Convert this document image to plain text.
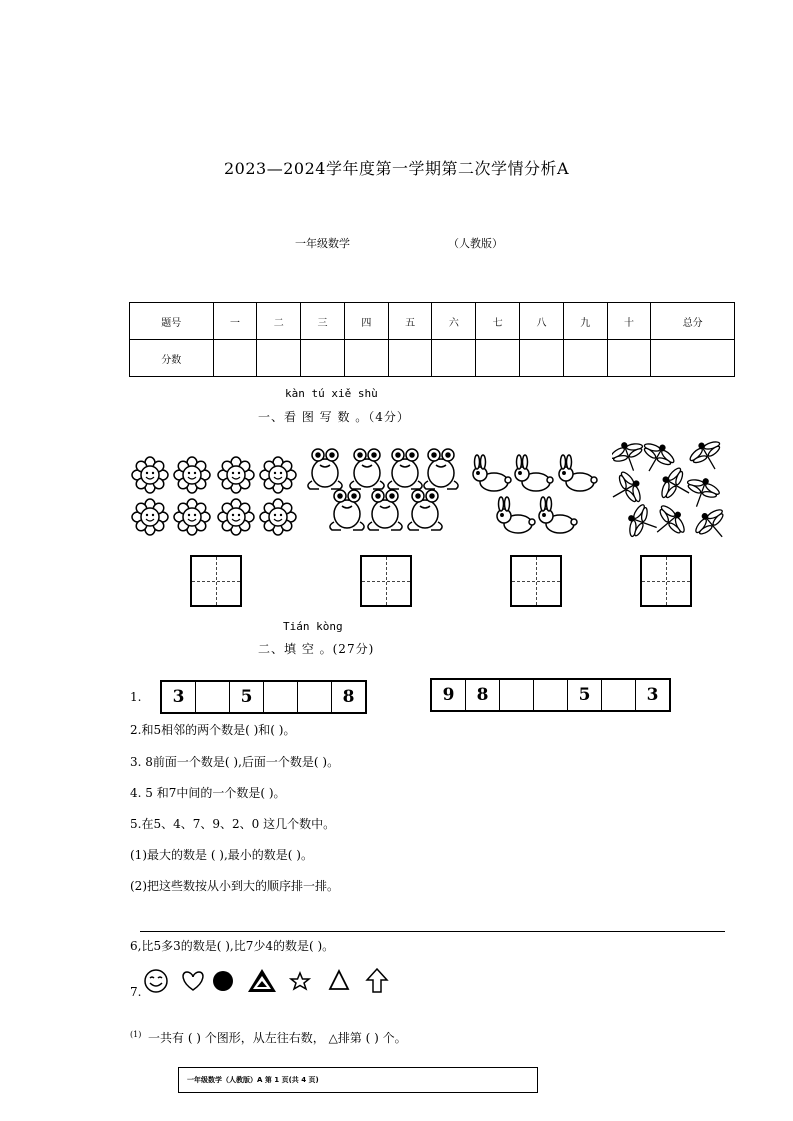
2023—2024学年度第一学期第二次学情分析A
一年级数学	（人教版）
题号	一	二	三	四	五	六	七	八	九	十	总分
分数											
kàn tú xiě shù
一、看 图 写 数 。（4分）
Tián kòng
二、填 空 。(27分)
1.	3	5	8	9	8	5	3
2.和5相邻的两个数是( )和( )。
3. 8前面一个数是( ),后面一个数是( )。
4. 5 和7中间的一个数是( )。
5.在5、4、7、9、2、0 这几个数中。
(1)最大的数是 ( ),最小的数是( )。
(2)把这些数按从小到大的顺序排一排。
6,比5多3的数是( ),比7少4的数是( )。
7.
(1) 一共有 ( ) 个图形，从左往右数， △排第 ( ) 个。
一年级数学（人教版）A 第 1 页(共 4 页)
